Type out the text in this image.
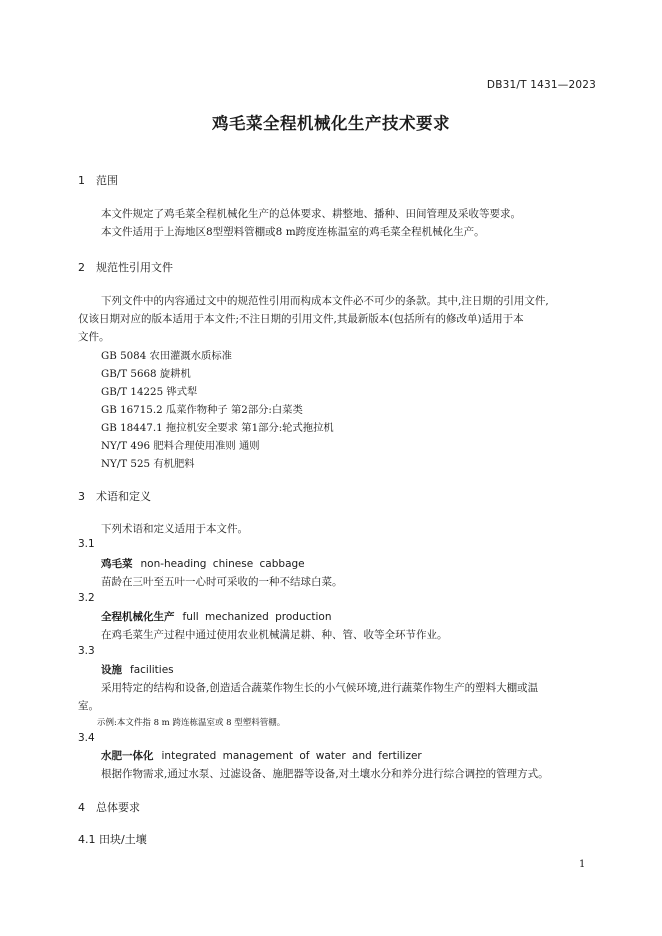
DB31/T 1431—2023
鸡毛菜全程机械化生产技术要求
1 范围
本文件规定了鸡毛菜全程机械化生产的总体要求、耕整地、播种、田间管理及采收等要求。
本文件适用于上海地区8型塑料管棚或8 m跨度连栋温室的鸡毛菜全程机械化生产。
2 规范性引用文件
下列文件中的内容通过文中的规范性引用而构成本文件必不可少的条款。其中,注日期的引用文件,
仅该日期对应的版本适用于本文件;不注日期的引用文件,其最新版本(包括所有的修改单)适用于本
文件。
GB 5084 农田灌溉水质标准
GB/T 5668 旋耕机
GB/T 14225 铧式犁
GB 16715.2 瓜菜作物种子 第2部分:白菜类
GB 18447.1 拖拉机安全要求 第1部分:轮式拖拉机
NY/T 496 肥料合理使用准则 通则
NY/T 525 有机肥料
3 术语和定义
下列术语和定义适用于本文件。
3.1
鸡毛菜 non-heading chinese cabbage
苗龄在三叶至五叶一心时可采收的一种不结球白菜。
3.2
全程机械化生产 full mechanized production
在鸡毛菜生产过程中通过使用农业机械满足耕、种、管、收等全环节作业。
3.3
设施 facilities
采用特定的结构和设备,创造适合蔬菜作物生长的小气候环境,进行蔬菜作物生产的塑料大棚或温
室。
示例:本文件指 8 m 跨连栋温室或 8 型塑料管棚。
3.4
水肥一体化 integrated management of water and fertilizer
根据作物需求,通过水泵、过滤设备、施肥器等设备,对土壤水分和养分进行综合调控的管理方式。
4 总体要求
4.1 田块/土壤
1
